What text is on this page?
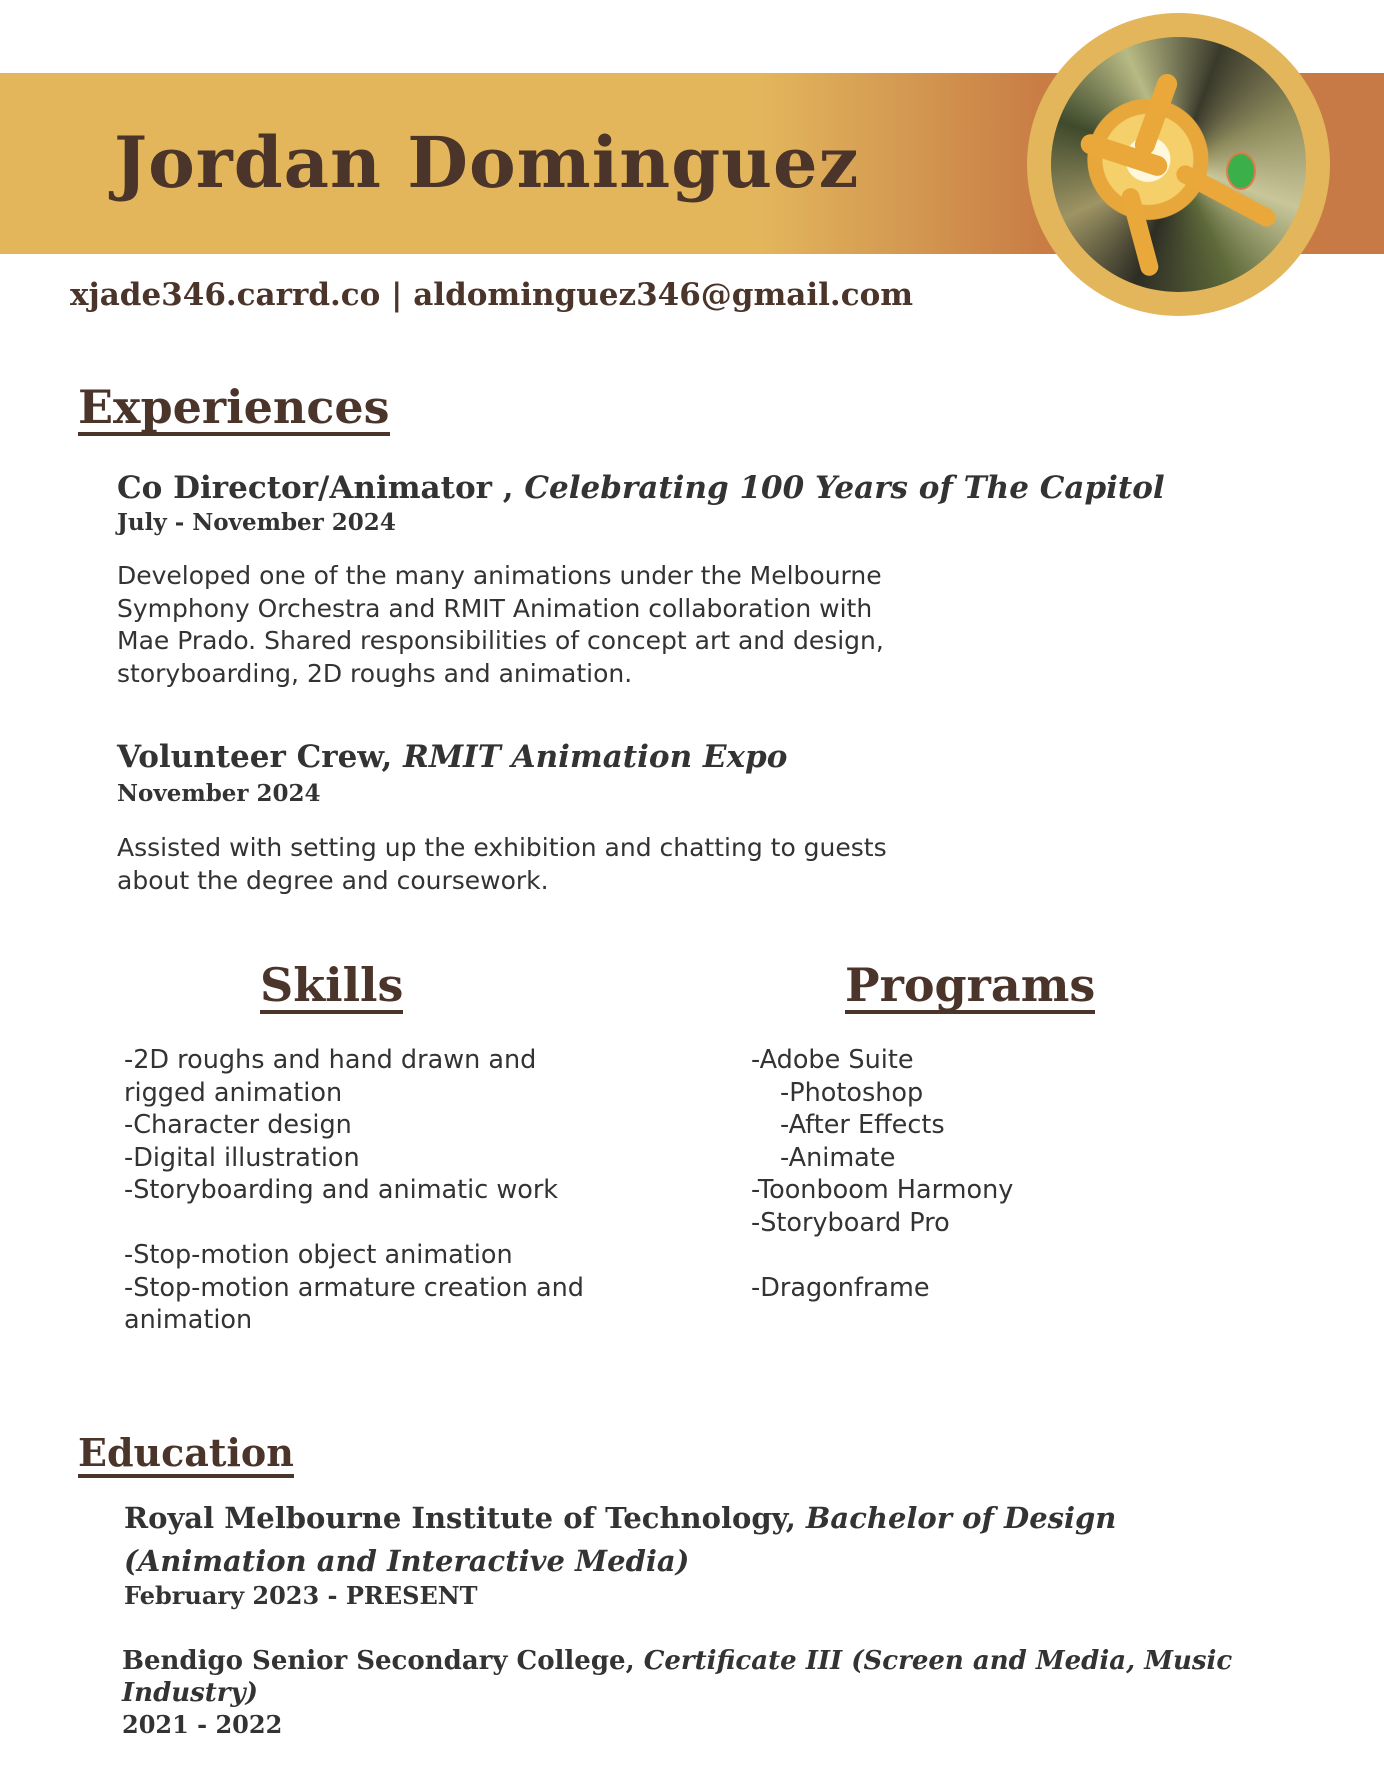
Jordan Dominguez
xjade346.carrd.co | aldominguez346@gmail.com
Experiences
Co Director/Animator , Celebrating 100 Years of The Capitol
July - November 2024
Developed one of the many animations under the Melbourne
Symphony Orchestra and RMIT Animation collaboration with
Mae Prado. Shared responsibilities of concept art and design,
storyboarding, 2D roughs and animation.
Volunteer Crew, RMIT Animation Expo
November 2024
Assisted with setting up the exhibition and chatting to guests
about the degree and coursework.
Skills
-2D roughs and hand drawn and
rigged animation
-Character design
-Digital illustration
-Storyboarding and animatic work
-Stop-motion object animation
-Stop-motion armature creation and
animation
Programs
-Adobe Suite
-Photoshop
-After Effects
-Animate
-Toonboom Harmony
-Storyboard Pro
-Dragonframe
Education
Royal Melbourne Institute of Technology, Bachelor of Design
(Animation and Interactive Media)
February 2023 - PRESENT
Bendigo Senior Secondary College, Certificate III (Screen and Media, Music
Industry)
2021 - 2022
